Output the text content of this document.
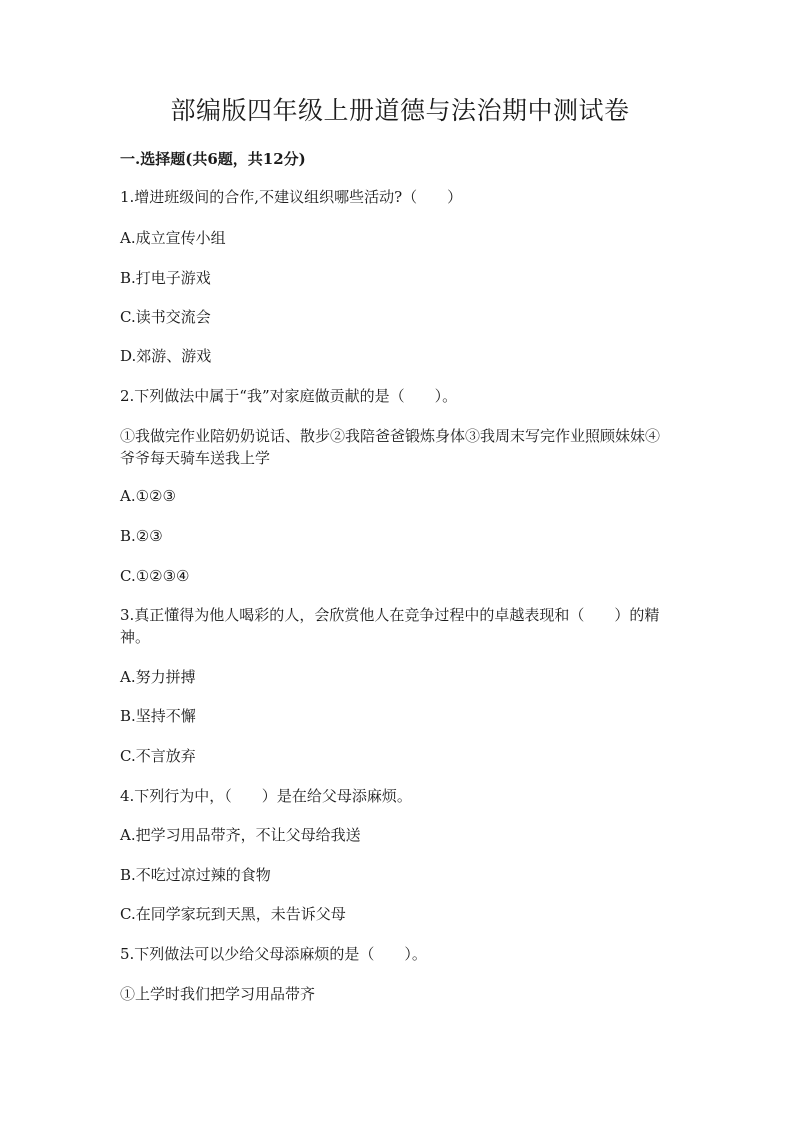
部编版四年级上册道德与法治期中测试卷
一.选择题(共6题，共12分)
1.增进班级间的合作,不建议组织哪些活动?（　　）
A.成立宣传小组
B.打电子游戏
C.读书交流会
D.郊游、游戏
2.下列做法中属于“我”对家庭做贡献的是（　　）。
①我做完作业陪奶奶说话、散步②我陪爸爸锻炼身体③我周末写完作业照顾妹妹④爷爷每天骑车送我上学
A.①②③
B.②③
C.①②③④
3.真正懂得为他人喝彩的人，会欣赏他人在竞争过程中的卓越表现和（　　）的精神。
A.努力拼搏
B.坚持不懈
C.不言放弃
4.下列行为中，（　　）是在给父母添麻烦。
A.把学习用品带齐，不让父母给我送
B.不吃过凉过辣的食物
C.在同学家玩到天黑，未告诉父母
5.下列做法可以少给父母添麻烦的是（　　）。
①上学时我们把学习用品带齐
